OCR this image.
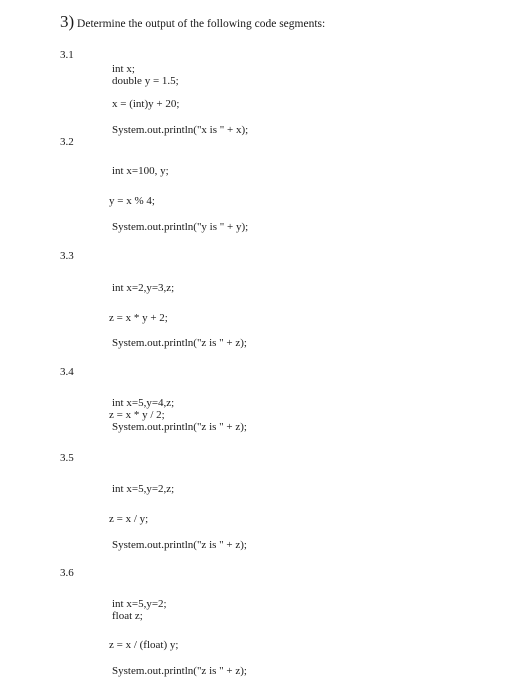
3) Determine the output of the following code segments:
3.1
int x;
double y = 1.5;
x = (int)y + 20;
System.out.println("x is " + x);
3.2
int x=100, y;
y = x % 4;
System.out.println("y is " + y);
3.3
int x=2,y=3,z;
z = x * y + 2;
System.out.println("z is " + z);
3.4
int x=5,y=4,z;
z = x * y / 2;
System.out.println("z is " + z);
3.5
int x=5,y=2,z;
z = x / y;
System.out.println("z is " + z);
3.6
int x=5,y=2;
float z;
z = x / (float) y;
System.out.println("z is " + z);
